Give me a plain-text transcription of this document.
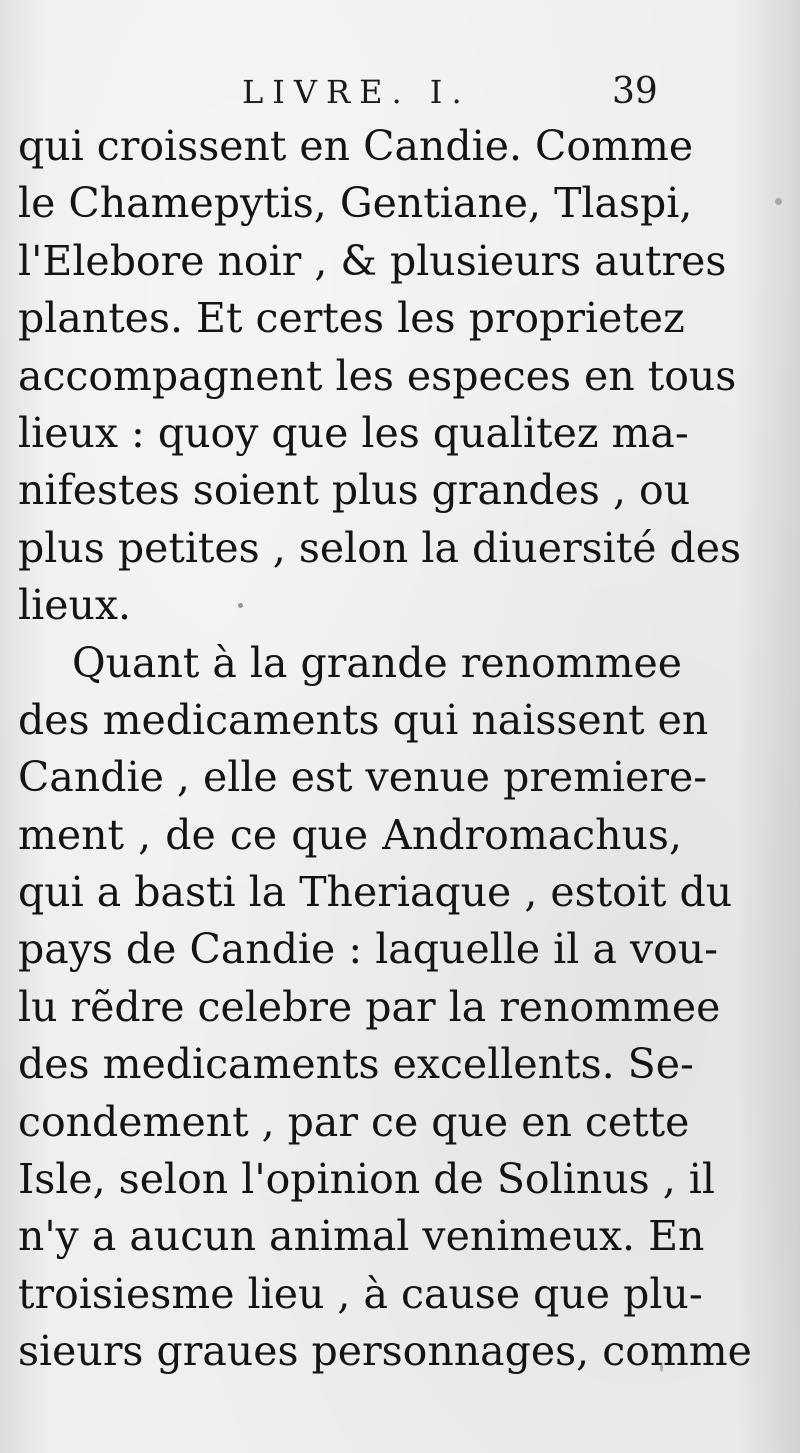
LIVRE. I.	39
qui croissent en Candie. Comme
le Chamepytis, Gentiane, Tlaspi,
l'Elebore noir , & plusieurs autres
plantes. Et certes les proprietez
accompagnent les especes en tous
lieux : quoy que les qualitez ma-
nifestes soient plus grandes , ou
plus petites , selon la diuersité des
lieux.
Quant à la grande renommee
des medicaments qui naissent en
Candie , elle est venue premiere-
ment , de ce que Andromachus,
qui a basti la Theriaque , estoit du
pays de Candie : laquelle il a vou-
lu rẽdre celebre par la renommee
des medicaments excellents. Se-
condement , par ce que en cette
Isle, selon l'opinion de Solinus , il
n'y a aucun animal venimeux. En
troisiesme lieu , à cause que plu-
sieurs graues personnages, comme
